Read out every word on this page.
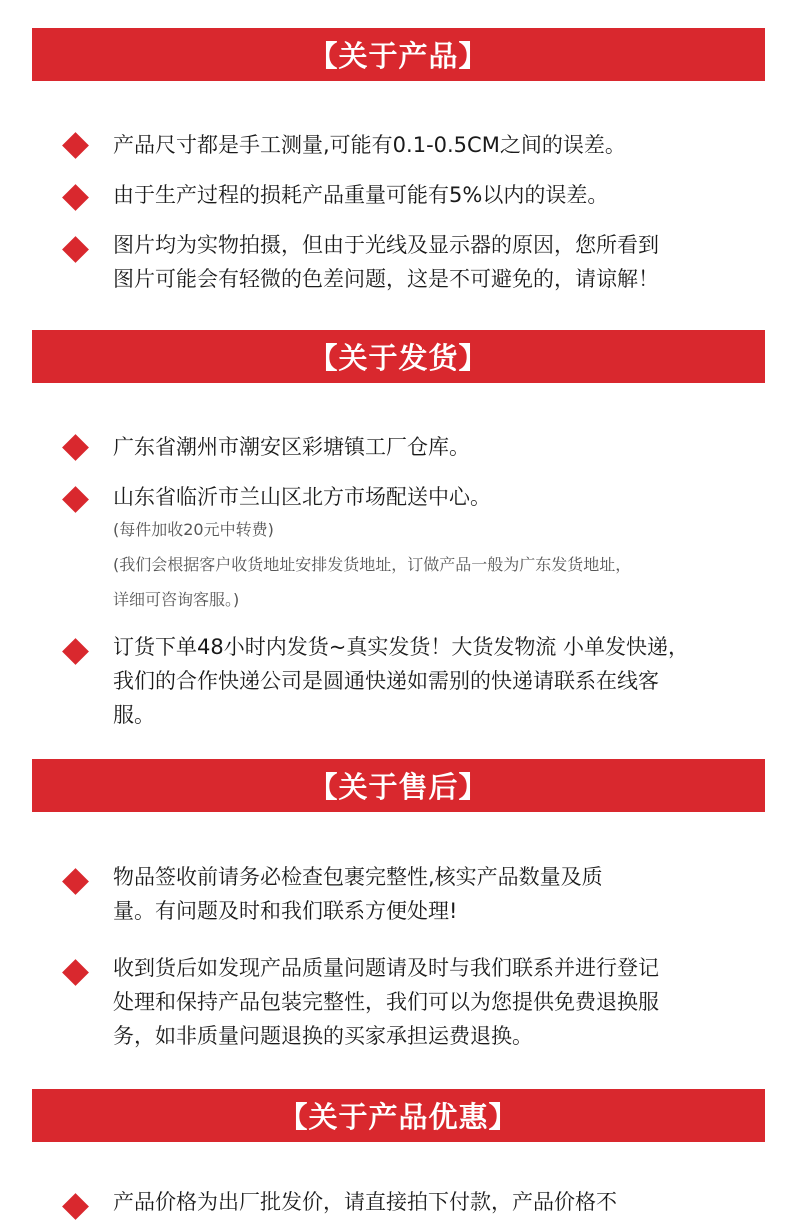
【关于产品】
产品尺寸都是手工测量,可能有0.1-0.5CM之间的误差。
由于生产过程的损耗产品重量可能有5%以内的误差。
图片均为实物拍摄，但由于光线及显示器的原因，您所看到
图片可能会有轻微的色差问题，这是不可避免的，请谅解！
【关于发货】
广东省潮州市潮安区彩塘镇工厂仓库。
山东省临沂市兰山区北方市场配送中心。
(每件加收20元中转费)
(我们会根据客户收货地址安排发货地址，订做产品一般为广东发货地址，
详细可咨询客服。)
订货下单48小时内发货~真实发货！大货发物流 小单发快递，
我们的合作快递公司是圆通快递如需别的快递请联系在线客
服。
【关于售后】
物品签收前请务必检查包裹完整性,核实产品数量及质
量。有问题及时和我们联系方便处理!
收到货后如发现产品质量问题请及时与我们联系并进行登记
处理和保持产品包装完整性，我们可以为您提供免费退换服
务，如非质量问题退换的买家承担运费退换。
【关于产品优惠】
产品价格为出厂批发价，请直接拍下付款，产品价格不
